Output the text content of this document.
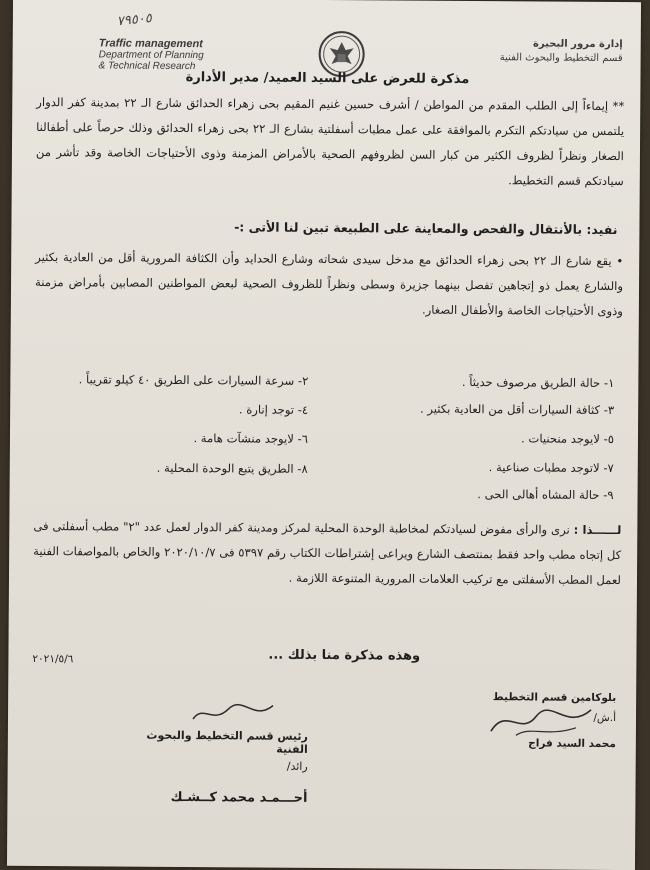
٧٩٥٠٥
Traffic management
Department of Planning
& Technical Research
إدارة مرور البحيرة
قسم التخطيط والبحوث الفنية
مذكرة للعرض على السيد العميد/ مدير الأدارة

** إيماءاً إلى الطلب المقدم من المواطن / أشرف حسين غنيم المقيم بحى زهراء الحدائق شارع الـ ٢٢ بمدينة كفر الدوار يلتمس من سيادتكم التكرم بالموافقة على عمل مطبات أسفلتية بشارع الـ ٢٢ بحى زهراء الحدائق وذلك حرصاً على أطفالنا الصغار ونظراً لظروف الكثير من كبار السن لظروفهم الصحية بالأمراض المزمنة وذوى الأحتياجات الخاصة وقد تأشر من سيادتكم قسم التخطيط.

نفيد: بالأنتقال والفحص والمعاينة على الطبيعة تبين لنا الأتى :-

• يقع شارع الـ ٢٢ بحى زهراء الحدائق مع مدخل سيدى شحاته وشارع الحدايد وأن الكثافة المرورية أقل من العادية بكثير والشارع يعمل ذو إتجاهين تفصل بينهما جزيرة وسطى ونظراً للظروف الصحية لبعض المواطنين المصابين بأمراض مزمنة وذوى الأحتياجات الخاصة والأطفال الصغار.

١- حالة الطريق مرصوف حديثاً .
٣- كثافة السيارات أقل من العادية بكثير .
٥- لايوجد منحنيات .
٧- لاتوجد مطبات صناعية .
٩- حالة المشاه أهالى الحى .
٢- سرعة السيارات على الطريق ٤٠ كيلو تقريباً .
٤- توجد إنارة .
٦- لايوجد منشآت هامة .
٨- الطريق يتبع الوحدة المحلية .

لــــــذا : نرى والرأى مفوض لسيادتكم لمخاطبة الوحدة المحلية لمركز ومدينة كفر الدوار لعمل عدد "٢" مطب أسفلتى فى كل إتجاه مطب واحد فقط بمنتصف الشارع ويراعى إشتراطات الكتاب رقم ٥٣٩٧ فى ٢٠٢٠/١٠/٧ والخاص بالمواصفات الفنية لعمل المطب الأسفلتى مع تركيب العلامات المرورية المتنوعة اللازمة .

وهذه مذكرة منا بذلك ...
٢٠٢١/٥/٦
بلوكامين قسم التخطيط
أ.ش/
محمد السيد فراج
رئيس قسم التخطيط والبحوث الفنية
رائد/
أحـــمـد محمد كــشـك
